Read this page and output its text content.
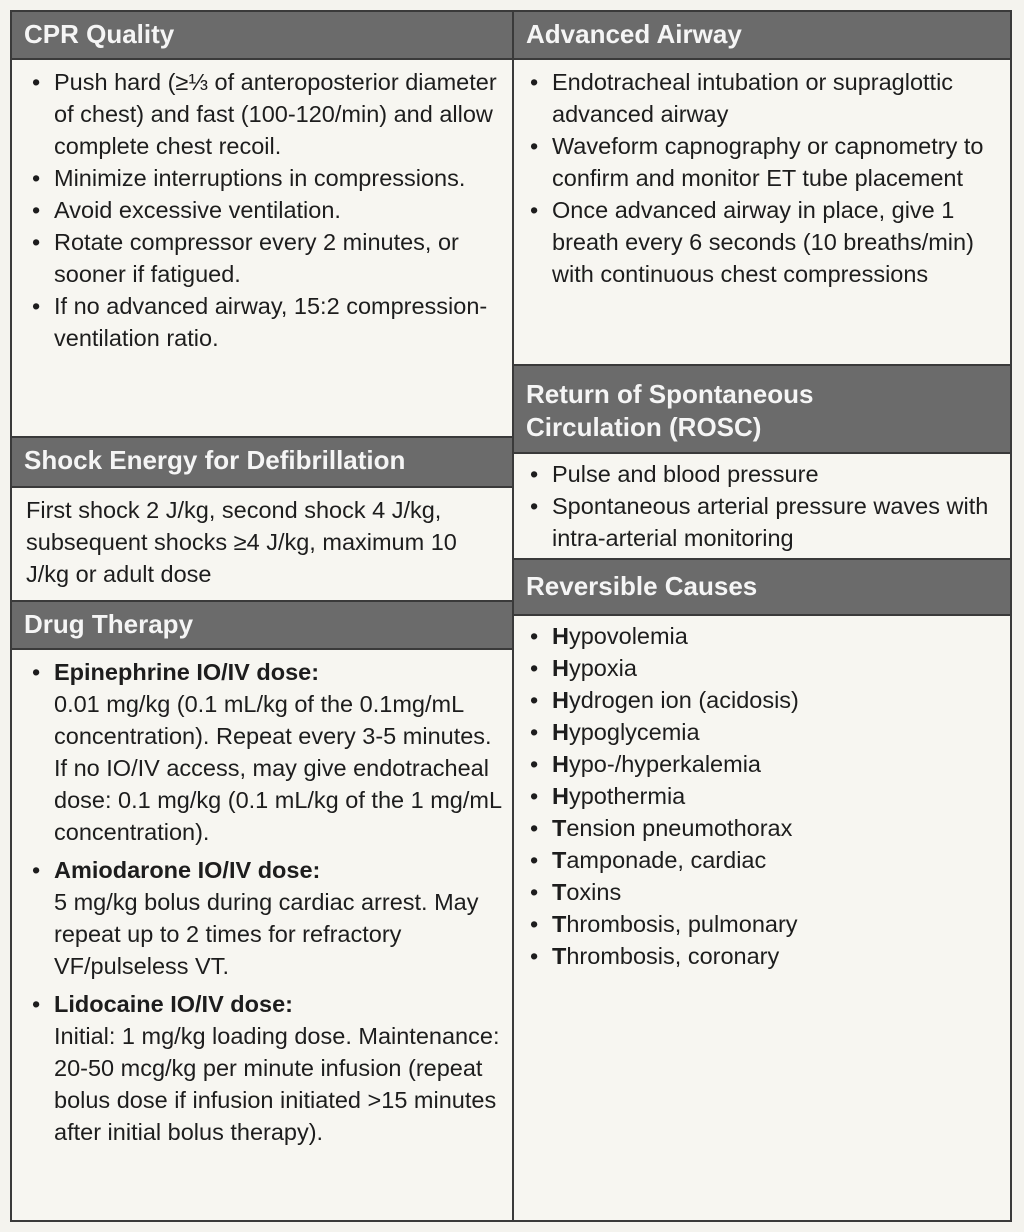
CPR Quality
• Push hard (≥⅓ of anteroposterior diameter of chest) and fast (100-120/min) and allow complete chest recoil.
• Minimize interruptions in compressions.
• Avoid excessive ventilation.
• Rotate compressor every 2 minutes, or sooner if fatigued.
• If no advanced airway, 15:2 compression-ventilation ratio.
Shock Energy for Defibrillation
First shock 2 J/kg, second shock 4 J/kg, subsequent shocks ≥4 J/kg, maximum 10 J/kg or adult dose
Drug Therapy
• Epinephrine IO/IV dose:
0.01 mg/kg (0.1 mL/kg of the 0.1mg/mL concentration). Repeat every 3-5 minutes. If no IO/IV access, may give endotracheal dose: 0.1 mg/kg (0.1 mL/kg of the 1 mg/mL concentration).
• Amiodarone IO/IV dose:
5 mg/kg bolus during cardiac arrest. May repeat up to 2 times for refractory VF/pulseless VT.
• Lidocaine IO/IV dose:
Initial: 1 mg/kg loading dose. Maintenance: 20-50 mcg/kg per minute infusion (repeat bolus dose if infusion initiated >15 minutes after initial bolus therapy).
Advanced Airway
• Endotracheal intubation or supraglottic advanced airway
• Waveform capnography or capnometry to confirm and monitor ET tube placement
• Once advanced airway in place, give 1 breath every 6 seconds (10 breaths/min) with continuous chest compressions
Return of Spontaneous
Circulation (ROSC)
• Pulse and blood pressure
• Spontaneous arterial pressure waves with intra-arterial monitoring
Reversible Causes
• Hypovolemia
• Hypoxia
• Hydrogen ion (acidosis)
• Hypoglycemia
• Hypo-/hyperkalemia
• Hypothermia
• Tension pneumothorax
• Tamponade, cardiac
• Toxins
• Thrombosis, pulmonary
• Thrombosis, coronary
